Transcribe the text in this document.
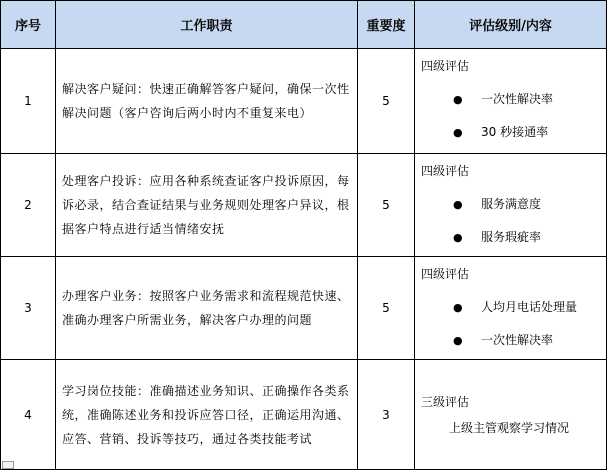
序号	工作职责	重要度	评估级别/内容
1	解决客户疑问：快速正确解答客户疑问，确保一次性解决问题（客户咨询后两小时内不重复来电）	5	四级评估
● 一次性解决率
● 30 秒接通率

2	处理客户投诉：应用各种系统查证客户投诉原因，每诉必录，结合查证结果与业务规则处理客户异议，根据客户特点进行适当情绪安抚	5	四级评估
● 服务满意度
● 服务瑕疵率

3	办理客户业务：按照客户业务需求和流程规范快速、准确办理客户所需业务，解决客户办理的问题	5	四级评估
● 人均月电话处理量
● 一次性解决率

4	学习岗位技能：准确描述业务知识、正确操作各类系统，准确陈述业务和投诉应答口径，正确运用沟通、应答、营销、投诉等技巧，通过各类技能考试	3	三级评估
上级主管观察学习情况
